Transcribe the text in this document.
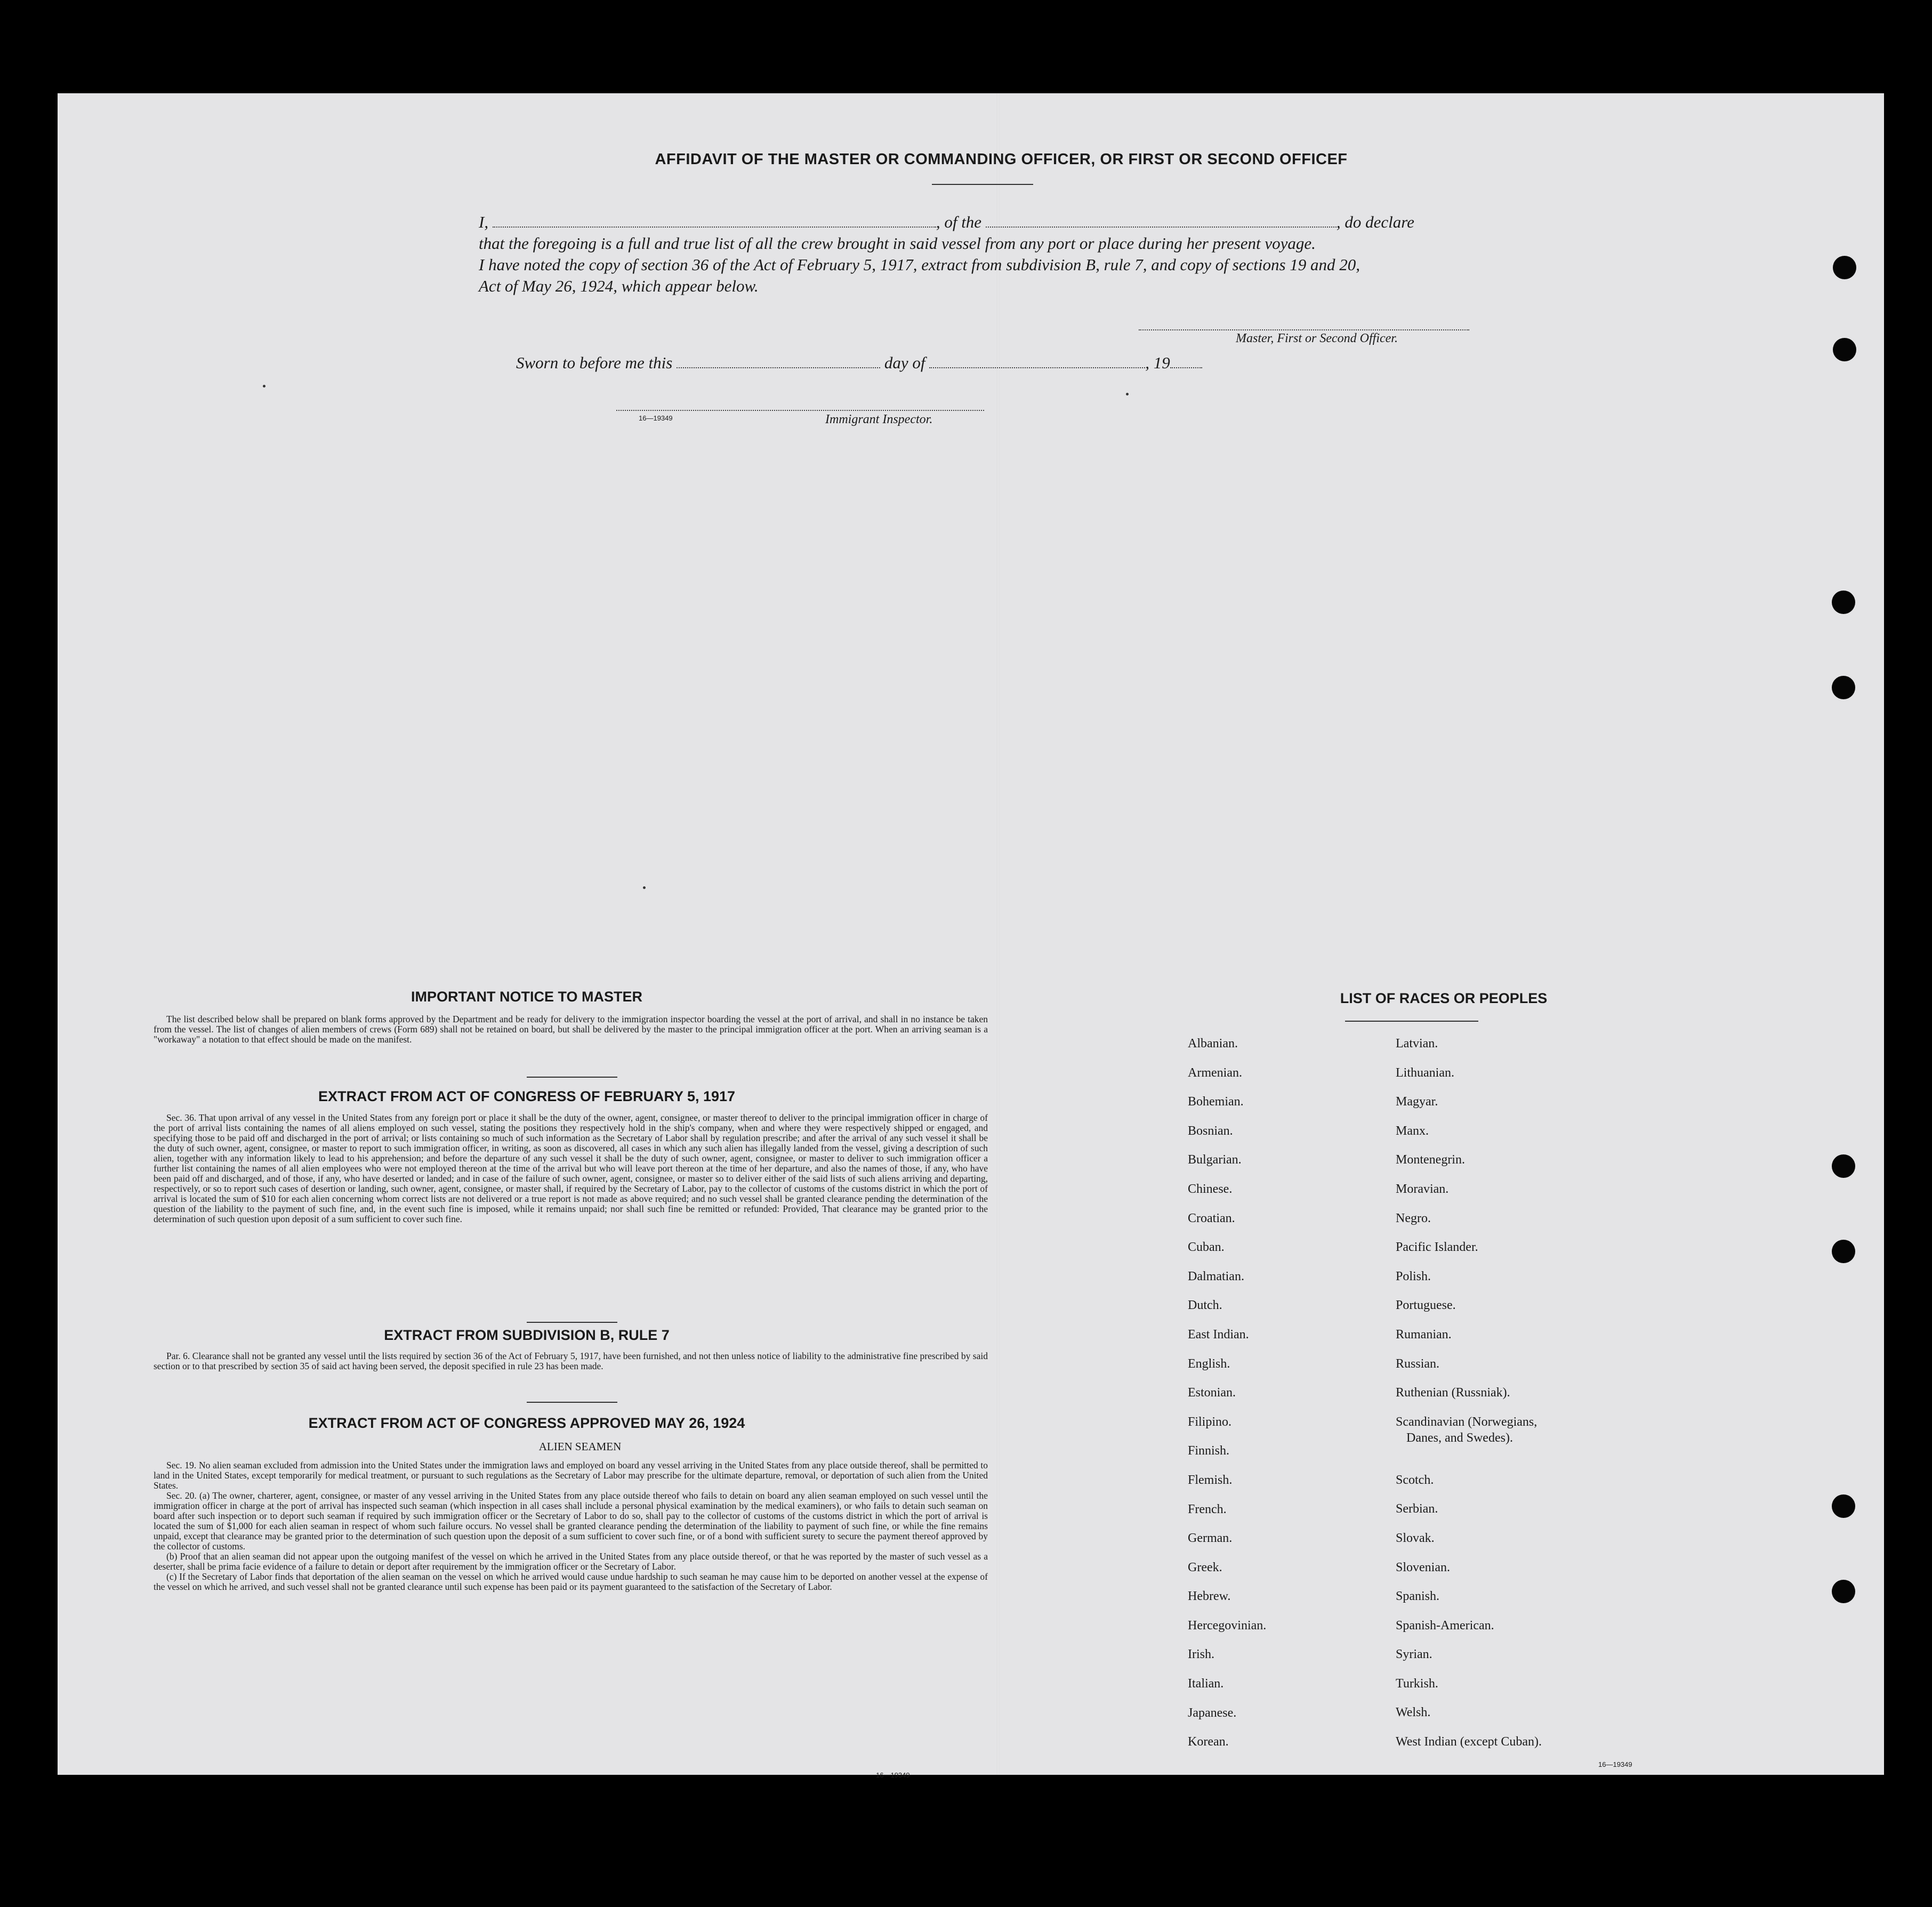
AFFIDAVIT OF THE MASTER OR COMMANDING OFFICER, OR FIRST OR SECOND OFFICEF
I,	, of the	, do declare
that the foregoing is a full and true list of all the crew brought in said vessel from any port or place during her present voyage.
I have noted the copy of section 36 of the Act of February 5, 1917, extract from subdivision B, rule 7, and copy of sections 19 and 20,
Act of May 26, 1924, which appear below.
Master, First or Second Officer.
Sworn to before me this	day of	, 19
16—19349	Immigrant Inspector.
IMPORTANT NOTICE TO MASTER

The list described below shall be prepared on blank forms approved by the Department and be ready for delivery to the immigration inspector boarding the vessel at the port of arrival, and shall in no instance be taken from the vessel. The list of changes of alien members of crews (Form 689) shall not be retained on board, but shall be delivered by the master to the principal immigration officer at the port. When an arriving seaman is a "workaway" a notation to that effect should be made on the manifest.

EXTRACT FROM ACT OF CONGRESS OF FEBRUARY 5, 1917

Sec. 36. That upon arrival of any vessel in the United States from any foreign port or place it shall be the duty of the owner, agent, consignee, or master thereof to deliver to the principal immigration officer in charge of the port of arrival lists containing the names of all aliens employed on such vessel, stating the positions they respectively hold in the ship's company, when and where they were respectively shipped or engaged, and specifying those to be paid off and discharged in the port of arrival; or lists containing so much of such information as the Secretary of Labor shall by regulation prescribe; and after the arrival of any such vessel it shall be the duty of such owner, agent, consignee, or master to report to such immigration officer, in writing, as soon as discovered, all cases in which any such alien has illegally landed from the vessel, giving a description of such alien, together with any information likely to lead to his apprehension; and before the departure of any such vessel it shall be the duty of such owner, agent, consignee, or master to deliver to such immigration officer a further list containing the names of all alien employees who were not employed thereon at the time of the arrival but who will leave port thereon at the time of her departure, and also the names of those, if any, who have been paid off and discharged, and of those, if any, who have deserted or landed; and in case of the failure of such owner, agent, consignee, or master so to deliver either of the said lists of such aliens arriving and departing, respectively, or so to report such cases of desertion or landing, such owner, agent, consignee, or master shall, if required by the Secretary of Labor, pay to the collector of customs of the customs district in which the port of arrival is located the sum of $10 for each alien concerning whom correct lists are not delivered or a true report is not made as above required; and no such vessel shall be granted clearance pending the determination of the question of the liability to the payment of such fine, and, in the event such fine is imposed, while it remains unpaid; nor shall such fine be remitted or refunded: Provided, That clearance may be granted prior to the determination of such question upon deposit of a sum sufficient to cover such fine.

EXTRACT FROM SUBDIVISION B, RULE 7

Par. 6. Clearance shall not be granted any vessel until the lists required by section 36 of the Act of February 5, 1917, have been furnished, and not then unless notice of liability to the administrative fine prescribed by said section or to that prescribed by section 35 of said act having been served, the deposit specified in rule 23 has been made.

EXTRACT FROM ACT OF CONGRESS APPROVED MAY 26, 1924
ALIEN SEAMEN

Sec. 19. No alien seaman excluded from admission into the United States under the immigration laws and employed on board any vessel arriving in the United States from any place outside thereof, shall be permitted to land in the United States, except temporarily for medical treatment, or pursuant to such regulations as the Secretary of Labor may prescribe for the ultimate departure, removal, or deportation of such alien from the United States.

Sec. 20. (a) The owner, charterer, agent, consignee, or master of any vessel arriving in the United States from any place outside thereof who fails to detain on board any alien seaman employed on such vessel until the immigration officer in charge at the port of arrival has inspected such seaman (which inspection in all cases shall include a personal physical examination by the medical examiners), or who fails to detain such seaman on board after such inspection or to deport such seaman if required by such immigration officer or the Secretary of Labor to do so, shall pay to the collector of customs of the customs district in which the port of arrival is located the sum of $1,000 for each alien seaman in respect of whom such failure occurs. No vessel shall be granted clearance pending the determination of the liability to payment of such fine, or while the fine remains unpaid, except that clearance may be granted prior to the determination of such question upon the deposit of a sum sufficient to cover such fine, or of a bond with sufficient surety to secure the payment thereof approved by the collector of customs.

(b) Proof that an alien seaman did not appear upon the outgoing manifest of the vessel on which he arrived in the United States from any place outside thereof, or that he was reported by the master of such vessel as a deserter, shall be prima facie evidence of a failure to detain or deport after requirement by the immigration officer or the Secretary of Labor.

(c) If the Secretary of Labor finds that deportation of the alien seaman on the vessel on which he arrived would cause undue hardship to such seaman he may cause him to be deported on another vessel at the expense of the vessel on which he arrived, and such vessel shall not be granted clearance until such expense has been paid or its payment guaranteed to the satisfaction of the Secretary of Labor.

16—19349
LIST OF RACES OR PEOPLES
Albanian.
Armenian.
Bohemian.
Bosnian.
Bulgarian.
Chinese.
Croatian.
Cuban.
Dalmatian.
Dutch.
East Indian.
English.
Estonian.
Filipino.
Finnish.
Flemish.
French.
German.
Greek.
Hebrew.
Hercegovinian.
Irish.
Italian.
Japanese.
Korean.
Latvian.
Lithuanian.
Magyar.
Manx.
Montenegrin.
Moravian.
Negro.
Pacific Islander.
Polish.
Portuguese.
Rumanian.
Russian.
Ruthenian (Russniak).
Scandinavian (Norwegians,
Danes, and Swedes).
Scotch.
Serbian.
Slovak.
Slovenian.
Spanish.
Spanish-American.
Syrian.
Turkish.
Welsh.
West Indian (except Cuban).
16—19349
